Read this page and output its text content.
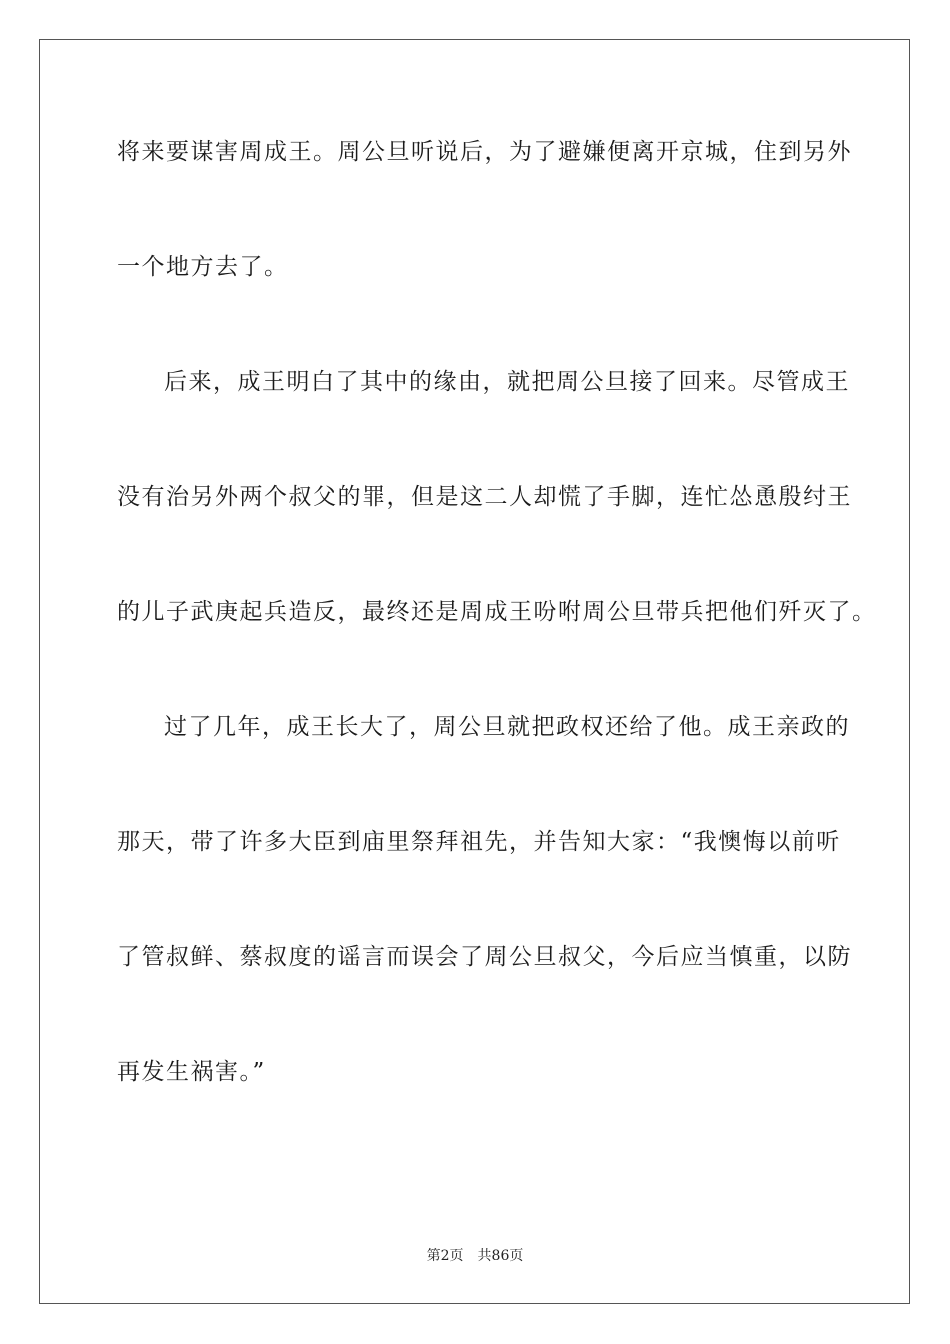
将来要谋害周成王。周公旦听说后，为了避嫌便离开京城，住到另外
一个地方去了。
后来，成王明白了其中的缘由，就把周公旦接了回来。尽管成王
没有治另外两个叔父的罪，但是这二人却慌了手脚，连忙怂恿殷纣王
的儿子武庚起兵造反，最终还是周成王吩咐周公旦带兵把他们歼灭了。
过了几年，成王长大了，周公旦就把政权还给了他。成王亲政的
那天，带了许多大臣到庙里祭拜祖先，并告知大家：“我懊悔以前听
了管叔鲜、蔡叔度的谣言而误会了周公旦叔父，今后应当慎重，以防
再发生祸害。”
第2页 共86页
